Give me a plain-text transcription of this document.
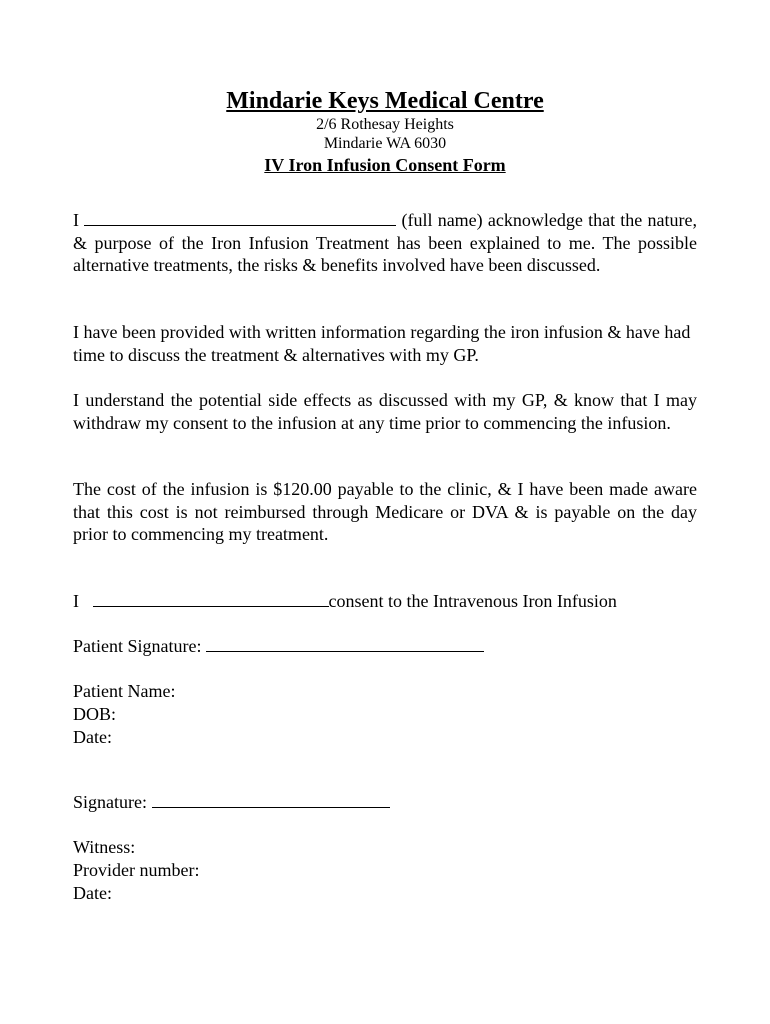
Mindarie Keys Medical Centre
2/6 Rothesay Heights
Mindarie WA 6030
IV Iron Infusion Consent Form

I	(full name) acknowledge that the nature, & purpose of the Iron Infusion Treatment has been explained to me. The possible alternative treatments, the risks & benefits involved have been discussed.

I have been provided with written information regarding the iron infusion & have had time to discuss the treatment & alternatives with my GP.

I understand the potential side effects as discussed with my GP, & know that I may withdraw my consent to the infusion at any time prior to commencing the infusion.

The cost of the infusion is $120.00 payable to the clinic, & I have been made aware that this cost is not reimbursed through Medicare or DVA & is payable on the day prior to commencing my treatment.

I	consent to the Intravenous Iron Infusion
Patient Signature:
Patient Name:
DOB:
Date:
Signature:
Witness:
Provider number:
Date:
